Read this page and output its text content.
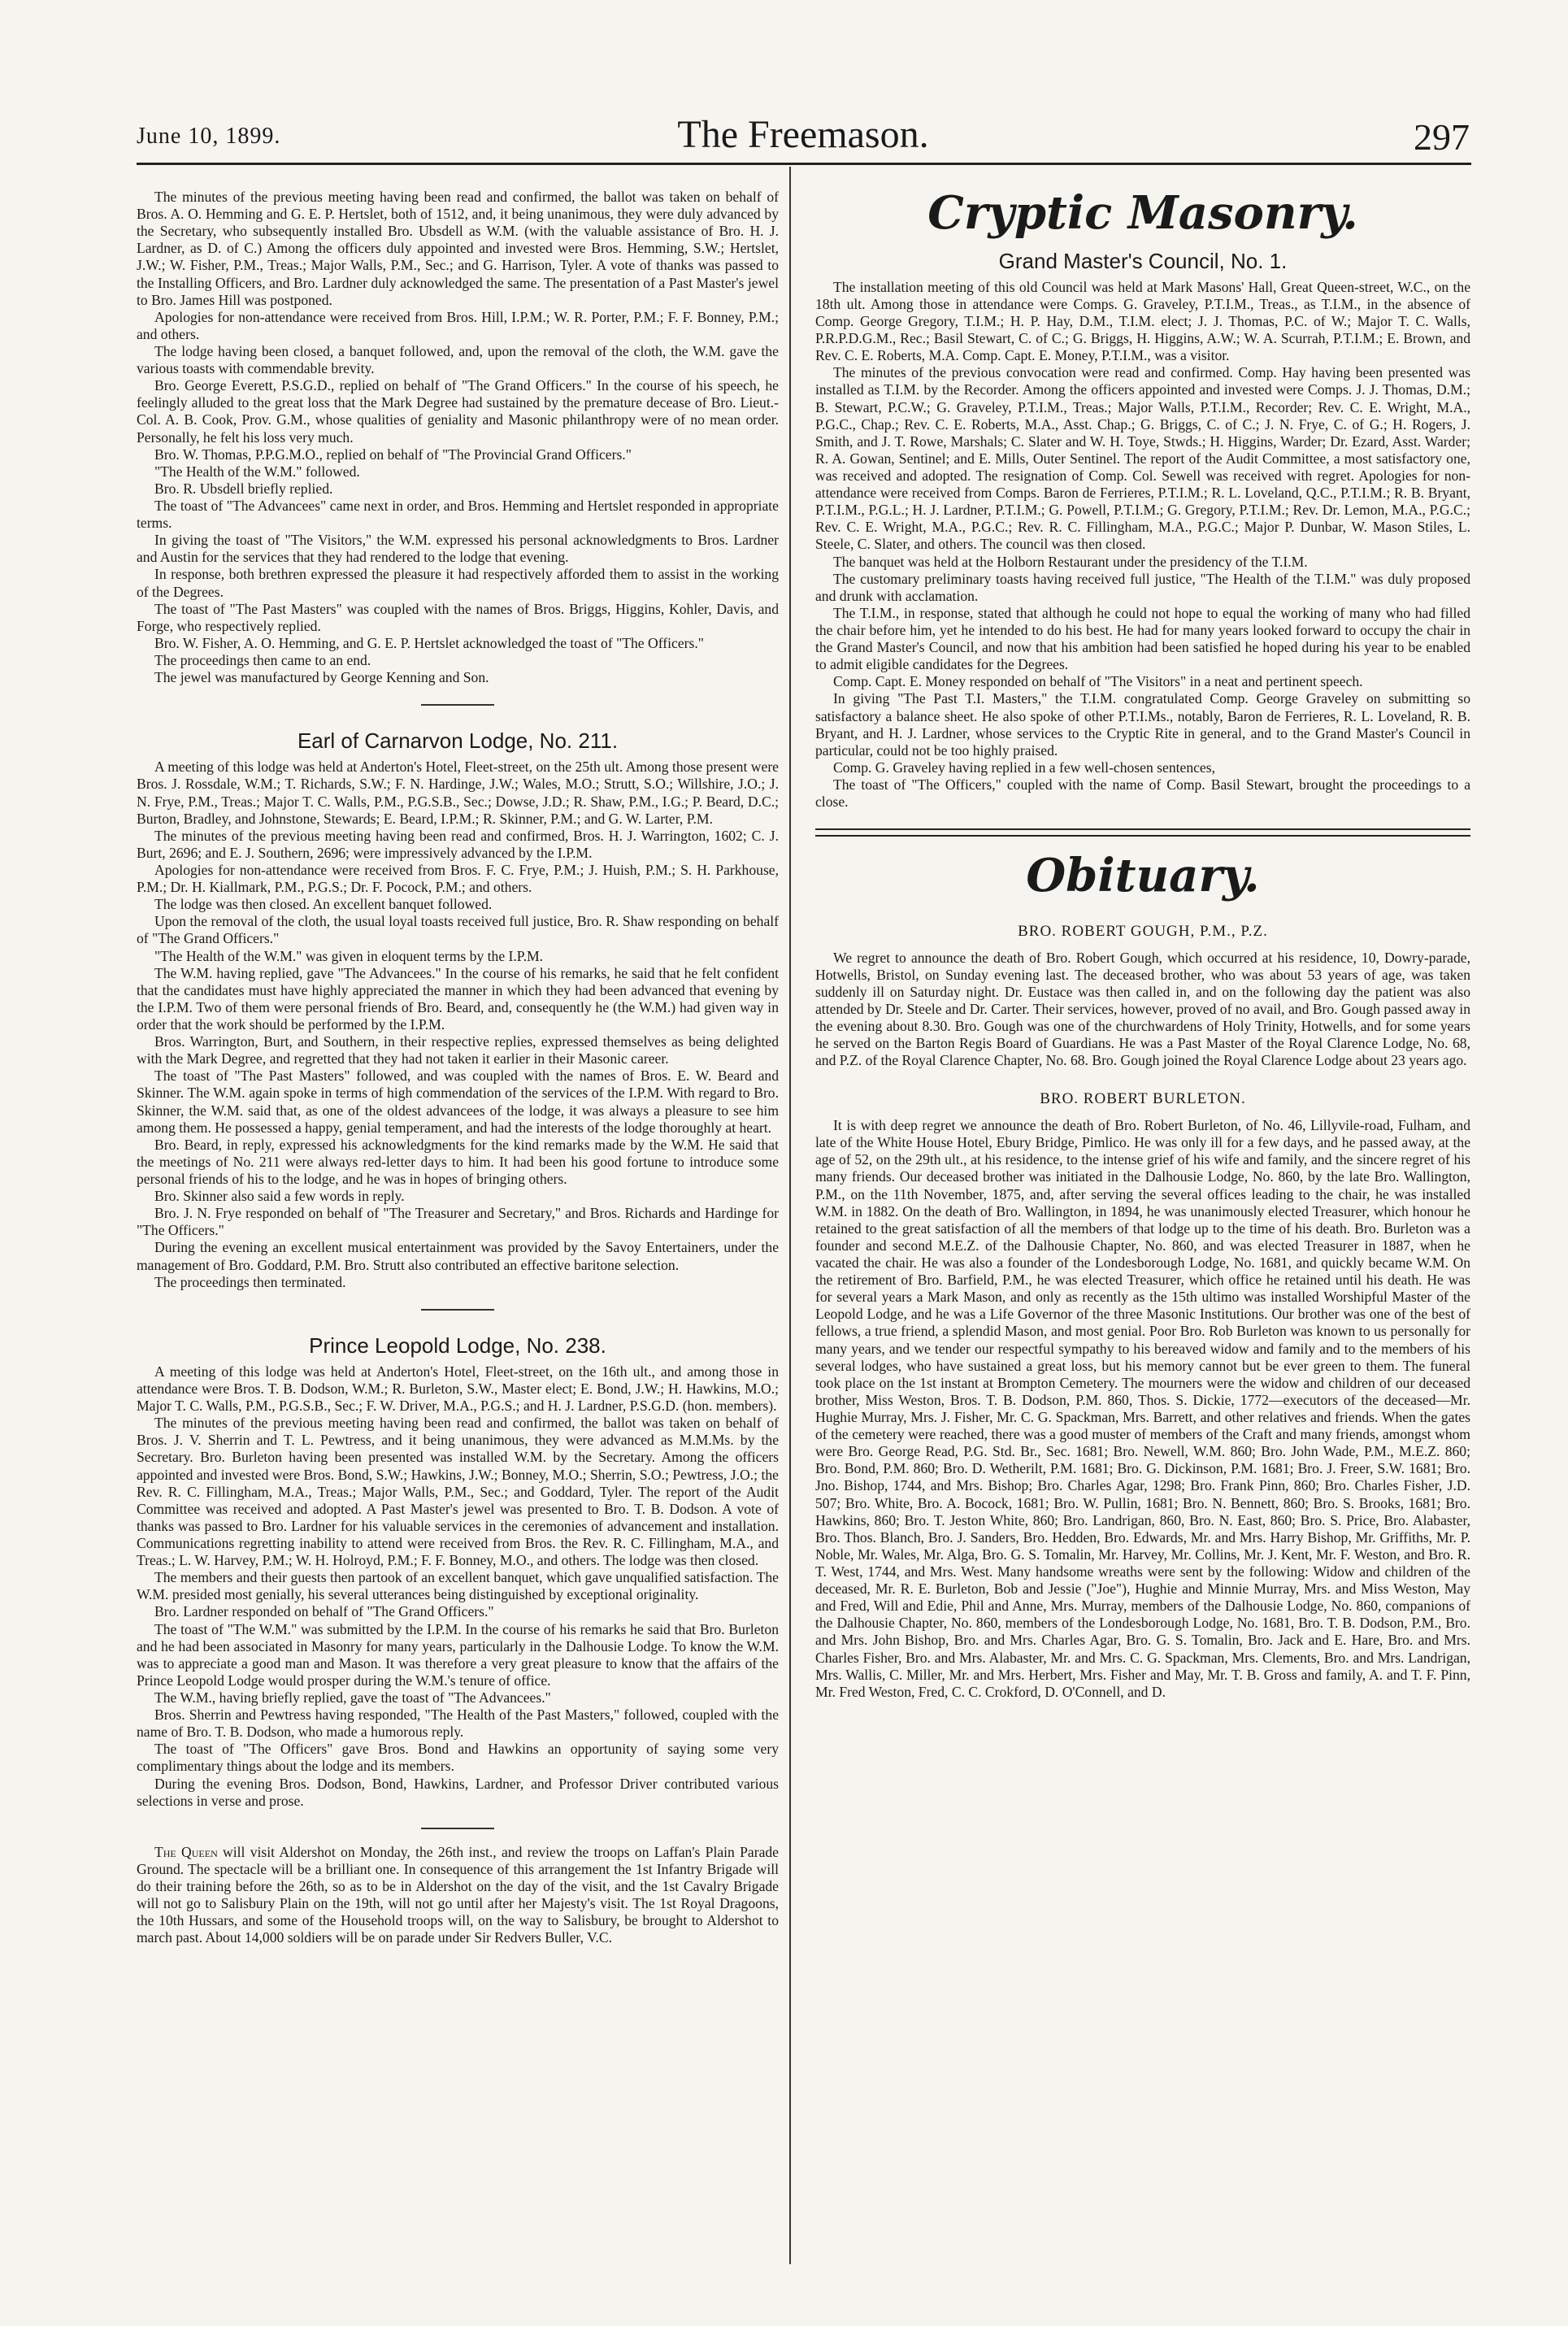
June 10, 1899.	The Freemason.	297

The minutes of the previous meeting having been read and confirmed, the ballot was taken on behalf of Bros. A. O. Hemming and G. E. P. Hertslet, both of 1512, and, it being unanimous, they were duly advanced by the Secretary, who subsequently installed Bro. Ubsdell as W.M. (with the valuable assistance of Bro. H. J. Lardner, as D. of C.) Among the officers duly appointed and invested were Bros. Hemming, S.W.; Hertslet, J.W.; W. Fisher, P.M., Treas.; Major Walls, P.M., Sec.; and G. Harrison, Tyler. A vote of thanks was passed to the Installing Officers, and Bro. Lardner duly acknowledged the same. The presentation of a Past Master's jewel to Bro. James Hill was postponed.

Apologies for non-attendance were received from Bros. Hill, I.P.M.; W. R. Porter, P.M.; F. F. Bonney, P.M.; and others.

The lodge having been closed, a banquet followed, and, upon the removal of the cloth, the W.M. gave the various toasts with commendable brevity.

Bro. George Everett, P.S.G.D., replied on behalf of "The Grand Officers." In the course of his speech, he feelingly alluded to the great loss that the Mark Degree had sustained by the premature decease of Bro. Lieut.-Col. A. B. Cook, Prov. G.M., whose qualities of geniality and Masonic philanthropy were of no mean order. Personally, he felt his loss very much.

Bro. W. Thomas, P.P.G.M.O., replied on behalf of "The Provincial Grand Officers."

"The Health of the W.M." followed.

Bro. R. Ubsdell briefly replied.

The toast of "The Advancees" came next in order, and Bros. Hemming and Hertslet responded in appropriate terms.

In giving the toast of "The Visitors," the W.M. expressed his personal acknowledgments to Bros. Lardner and Austin for the services that they had rendered to the lodge that evening.

In response, both brethren expressed the pleasure it had respectively afforded them to assist in the working of the Degrees.

The toast of "The Past Masters" was coupled with the names of Bros. Briggs, Higgins, Kohler, Davis, and Forge, who respectively replied.

Bro. W. Fisher, A. O. Hemming, and G. E. P. Hertslet acknowledged the toast of "The Officers."

The proceedings then came to an end.

The jewel was manufactured by George Kenning and Son.

Earl of Carnarvon Lodge, No. 211.

A meeting of this lodge was held at Anderton's Hotel, Fleet-street, on the 25th ult. Among those present were Bros. J. Rossdale, W.M.; T. Richards, S.W.; F. N. Hardinge, J.W.; Wales, M.O.; Strutt, S.O.; Willshire, J.O.; J. N. Frye, P.M., Treas.; Major T. C. Walls, P.M., P.G.S.B., Sec.; Dowse, J.D.; R. Shaw, P.M., I.G.; P. Beard, D.C.; Burton, Bradley, and Johnstone, Stewards; E. Beard, I.P.M.; R. Skinner, P.M.; and G. W. Larter, P.M.

The minutes of the previous meeting having been read and confirmed, Bros. H. J. Warrington, 1602; C. J. Burt, 2696; and E. J. Southern, 2696; were impressively advanced by the I.P.M.

Apologies for non-attendance were received from Bros. F. C. Frye, P.M.; J. Huish, P.M.; S. H. Parkhouse, P.M.; Dr. H. Kiallmark, P.M., P.G.S.; Dr. F. Pocock, P.M.; and others.

The lodge was then closed. An excellent banquet followed.

Upon the removal of the cloth, the usual loyal toasts received full justice, Bro. R. Shaw responding on behalf of "The Grand Officers."

"The Health of the W.M." was given in eloquent terms by the I.P.M.

The W.M. having replied, gave "The Advancees." In the course of his remarks, he said that he felt confident that the candidates must have highly appreciated the manner in which they had been advanced that evening by the I.P.M. Two of them were personal friends of Bro. Beard, and, consequently he (the W.M.) had given way in order that the work should be performed by the I.P.M.

Bros. Warrington, Burt, and Southern, in their respective replies, expressed themselves as being delighted with the Mark Degree, and regretted that they had not taken it earlier in their Masonic career.

The toast of "The Past Masters" followed, and was coupled with the names of Bros. E. W. Beard and Skinner. The W.M. again spoke in terms of high commendation of the services of the I.P.M. With regard to Bro. Skinner, the W.M. said that, as one of the oldest advancees of the lodge, it was always a pleasure to see him among them. He possessed a happy, genial temperament, and had the interests of the lodge thoroughly at heart.

Bro. Beard, in reply, expressed his acknowledgments for the kind remarks made by the W.M. He said that the meetings of No. 211 were always red-letter days to him. It had been his good fortune to introduce some personal friends of his to the lodge, and he was in hopes of bringing others.

Bro. Skinner also said a few words in reply.

Bro. J. N. Frye responded on behalf of "The Treasurer and Secretary," and Bros. Richards and Hardinge for "The Officers."

During the evening an excellent musical entertainment was provided by the Savoy Entertainers, under the management of Bro. Goddard, P.M. Bro. Strutt also contributed an effective baritone selection.

The proceedings then terminated.

Prince Leopold Lodge, No. 238.

A meeting of this lodge was held at Anderton's Hotel, Fleet-street, on the 16th ult., and among those in attendance were Bros. T. B. Dodson, W.M.; R. Burleton, S.W., Master elect; E. Bond, J.W.; H. Hawkins, M.O.; Major T. C. Walls, P.M., P.G.S.B., Sec.; F. W. Driver, M.A., P.G.S.; and H. J. Lardner, P.S.G.D. (hon. members).

The minutes of the previous meeting having been read and confirmed, the ballot was taken on behalf of Bros. J. V. Sherrin and T. L. Pewtress, and it being unanimous, they were advanced as M.M.Ms. by the Secretary. Bro. Burleton having been presented was installed W.M. by the Secretary. Among the officers appointed and invested were Bros. Bond, S.W.; Hawkins, J.W.; Bonney, M.O.; Sherrin, S.O.; Pewtress, J.O.; the Rev. R. C. Fillingham, M.A., Treas.; Major Walls, P.M., Sec.; and Goddard, Tyler. The report of the Audit Committee was received and adopted. A Past Master's jewel was presented to Bro. T. B. Dodson. A vote of thanks was passed to Bro. Lardner for his valuable services in the ceremonies of advancement and installation. Communications regretting inability to attend were received from Bros. the Rev. R. C. Fillingham, M.A., and Treas.; L. W. Harvey, P.M.; W. H. Holroyd, P.M.; F. F. Bonney, M.O., and others. The lodge was then closed.

The members and their guests then partook of an excellent banquet, which gave unqualified satisfaction. The W.M. presided most genially, his several utterances being distinguished by exceptional originality.

Bro. Lardner responded on behalf of "The Grand Officers."

The toast of "The W.M." was submitted by the I.P.M. In the course of his remarks he said that Bro. Burleton and he had been associated in Masonry for many years, particularly in the Dalhousie Lodge. To know the W.M. was to appreciate a good man and Mason. It was therefore a very great pleasure to know that the affairs of the Prince Leopold Lodge would prosper during the W.M.'s tenure of office.

The W.M., having briefly replied, gave the toast of "The Advancees."

Bros. Sherrin and Pewtress having responded, "The Health of the Past Masters," followed, coupled with the name of Bro. T. B. Dodson, who made a humorous reply.

The toast of "The Officers" gave Bros. Bond and Hawkins an opportunity of saying some very complimentary things about the lodge and its members.

During the evening Bros. Dodson, Bond, Hawkins, Lardner, and Professor Driver contributed various selections in verse and prose.

The Queen will visit Aldershot on Monday, the 26th inst., and review the troops on Laffan's Plain Parade Ground. The spectacle will be a brilliant one. In consequence of this arrangement the 1st Infantry Brigade will do their training before the 26th, so as to be in Aldershot on the day of the visit, and the 1st Cavalry Brigade will not go to Salisbury Plain on the 19th, will not go until after her Majesty's visit. The 1st Royal Dragoons, the 10th Hussars, and some of the Household troops will, on the way to Salisbury, be brought to Aldershot to march past. About 14,000 soldiers will be on parade under Sir Redvers Buller, V.C.

Cryptic Masonry.
Grand Master's Council, No. 1.

The installation meeting of this old Council was held at Mark Masons' Hall, Great Queen-street, W.C., on the 18th ult. Among those in attendance were Comps. G. Graveley, P.T.I.M., Treas., as T.I.M., in the absence of Comp. George Gregory, T.I.M.; H. P. Hay, D.M., T.I.M. elect; J. J. Thomas, P.C. of W.; Major T. C. Walls, P.R.P.D.G.M., Rec.; Basil Stewart, C. of C.; G. Briggs, H. Higgins, A.W.; W. A. Scurrah, P.T.I.M.; E. Brown, and Rev. C. E. Roberts, M.A. Comp. Capt. E. Money, P.T.I.M., was a visitor.

The minutes of the previous convocation were read and confirmed. Comp. Hay having been presented was installed as T.I.M. by the Recorder. Among the officers appointed and invested were Comps. J. J. Thomas, D.M.; B. Stewart, P.C.W.; G. Graveley, P.T.I.M., Treas.; Major Walls, P.T.I.M., Recorder; Rev. C. E. Wright, M.A., P.G.C., Chap.; Rev. C. E. Roberts, M.A., Asst. Chap.; G. Briggs, C. of C.; J. N. Frye, C. of G.; H. Rogers, J. Smith, and J. T. Rowe, Marshals; C. Slater and W. H. Toye, Stwds.; H. Higgins, Warder; Dr. Ezard, Asst. Warder; R. A. Gowan, Sentinel; and E. Mills, Outer Sentinel. The report of the Audit Committee, a most satisfactory one, was received and adopted. The resignation of Comp. Col. Sewell was received with regret. Apologies for non-attendance were received from Comps. Baron de Ferrieres, P.T.I.M.; R. L. Loveland, Q.C., P.T.I.M.; R. B. Bryant, P.T.I.M., P.G.L.; H. J. Lardner, P.T.I.M.; G. Powell, P.T.I.M.; G. Gregory, P.T.I.M.; Rev. Dr. Lemon, M.A., P.G.C.; Rev. C. E. Wright, M.A., P.G.C.; Rev. R. C. Fillingham, M.A., P.G.C.; Major P. Dunbar, W. Mason Stiles, L. Steele, C. Slater, and others. The council was then closed.

The banquet was held at the Holborn Restaurant under the presidency of the T.I.M.

The customary preliminary toasts having received full justice, "The Health of the T.I.M." was duly proposed and drunk with acclamation.

The T.I.M., in response, stated that although he could not hope to equal the working of many who had filled the chair before him, yet he intended to do his best. He had for many years looked forward to occupy the chair in the Grand Master's Council, and now that his ambition had been satisfied he hoped during his year to be enabled to admit eligible candidates for the Degrees.

Comp. Capt. E. Money responded on behalf of "The Visitors" in a neat and pertinent speech.

In giving "The Past T.I. Masters," the T.I.M. congratulated Comp. George Graveley on submitting so satisfactory a balance sheet. He also spoke of other P.T.I.Ms., notably, Baron de Ferrieres, R. L. Loveland, R. B. Bryant, and H. J. Lardner, whose services to the Cryptic Rite in general, and to the Grand Master's Council in particular, could not be too highly praised.

Comp. G. Graveley having replied in a few well-chosen sentences,

The toast of "The Officers," coupled with the name of Comp. Basil Stewart, brought the proceedings to a close.

Obituary.
BRO. ROBERT GOUGH, P.M., P.Z.

We regret to announce the death of Bro. Robert Gough, which occurred at his residence, 10, Dowry-parade, Hotwells, Bristol, on Sunday evening last. The deceased brother, who was about 53 years of age, was taken suddenly ill on Saturday night. Dr. Eustace was then called in, and on the following day the patient was also attended by Dr. Steele and Dr. Carter. Their services, however, proved of no avail, and Bro. Gough passed away in the evening about 8.30. Bro. Gough was one of the churchwardens of Holy Trinity, Hotwells, and for some years he served on the Barton Regis Board of Guardians. He was a Past Master of the Royal Clarence Lodge, No. 68, and P.Z. of the Royal Clarence Chapter, No. 68. Bro. Gough joined the Royal Clarence Lodge about 23 years ago.

BRO. ROBERT BURLETON.

It is with deep regret we announce the death of Bro. Robert Burleton, of No. 46, Lillyvile-road, Fulham, and late of the White House Hotel, Ebury Bridge, Pimlico. He was only ill for a few days, and he passed away, at the age of 52, on the 29th ult., at his residence, to the intense grief of his wife and family, and the sincere regret of his many friends. Our deceased brother was initiated in the Dalhousie Lodge, No. 860, by the late Bro. Wallington, P.M., on the 11th November, 1875, and, after serving the several offices leading to the chair, he was installed W.M. in 1882. On the death of Bro. Wallington, in 1894, he was unanimously elected Treasurer, which honour he retained to the great satisfaction of all the members of that lodge up to the time of his death. Bro. Burleton was a founder and second M.E.Z. of the Dalhousie Chapter, No. 860, and was elected Treasurer in 1887, when he vacated the chair. He was also a founder of the Londesborough Lodge, No. 1681, and quickly became W.M. On the retirement of Bro. Barfield, P.M., he was elected Treasurer, which office he retained until his death. He was for several years a Mark Mason, and only as recently as the 15th ultimo was installed Worshipful Master of the Leopold Lodge, and he was a Life Governor of the three Masonic Institutions. Our brother was one of the best of fellows, a true friend, a splendid Mason, and most genial. Poor Bro. Rob Burleton was known to us personally for many years, and we tender our respectful sympathy to his bereaved widow and family and to the members of his several lodges, who have sustained a great loss, but his memory cannot but be ever green to them. The funeral took place on the 1st instant at Brompton Cemetery. The mourners were the widow and children of our deceased brother, Miss Weston, Bros. T. B. Dodson, P.M. 860, Thos. S. Dickie, 1772—executors of the deceased—Mr. Hughie Murray, Mrs. J. Fisher, Mr. C. G. Spackman, Mrs. Barrett, and other relatives and friends. When the gates of the cemetery were reached, there was a good muster of members of the Craft and many friends, amongst whom were Bro. George Read, P.G. Std. Br., Sec. 1681; Bro. Newell, W.M. 860; Bro. John Wade, P.M., M.E.Z. 860; Bro. Bond, P.M. 860; Bro. D. Wetherilt, P.M. 1681; Bro. G. Dickinson, P.M. 1681; Bro. J. Freer, S.W. 1681; Bro. Jno. Bishop, 1744, and Mrs. Bishop; Bro. Charles Agar, 1298; Bro. Frank Pinn, 860; Bro. Charles Fisher, J.D. 507; Bro. White, Bro. A. Bocock, 1681; Bro. W. Pullin, 1681; Bro. N. Bennett, 860; Bro. S. Brooks, 1681; Bro. Hawkins, 860; Bro. T. Jeston White, 860; Bro. Landrigan, 860, Bro. N. East, 860; Bro. S. Price, Bro. Alabaster, Bro. Thos. Blanch, Bro. J. Sanders, Bro. Hedden, Bro. Edwards, Mr. and Mrs. Harry Bishop, Mr. Griffiths, Mr. P. Noble, Mr. Wales, Mr. Alga, Bro. G. S. Tomalin, Mr. Harvey, Mr. Collins, Mr. J. Kent, Mr. F. Weston, and Bro. R. T. West, 1744, and Mrs. West. Many handsome wreaths were sent by the following: Widow and children of the deceased, Mr. R. E. Burleton, Bob and Jessie ("Joe"), Hughie and Minnie Murray, Mrs. and Miss Weston, May and Fred, Will and Edie, Phil and Anne, Mrs. Murray, members of the Dalhousie Lodge, No. 860, companions of the Dalhousie Chapter, No. 860, members of the Londesborough Lodge, No. 1681, Bro. T. B. Dodson, P.M., Bro. and Mrs. John Bishop, Bro. and Mrs. Charles Agar, Bro. G. S. Tomalin, Bro. Jack and E. Hare, Bro. and Mrs. Charles Fisher, Bro. and Mrs. Alabaster, Mr. and Mrs. C. G. Spackman, Mrs. Clements, Bro. and Mrs. Landrigan, Mrs. Wallis, C. Miller, Mr. and Mrs. Herbert, Mrs. Fisher and May, Mr. T. B. Gross and family, A. and T. F. Pinn, Mr. Fred Weston, Fred, C. C. Crokford, D. O'Connell, and D.
